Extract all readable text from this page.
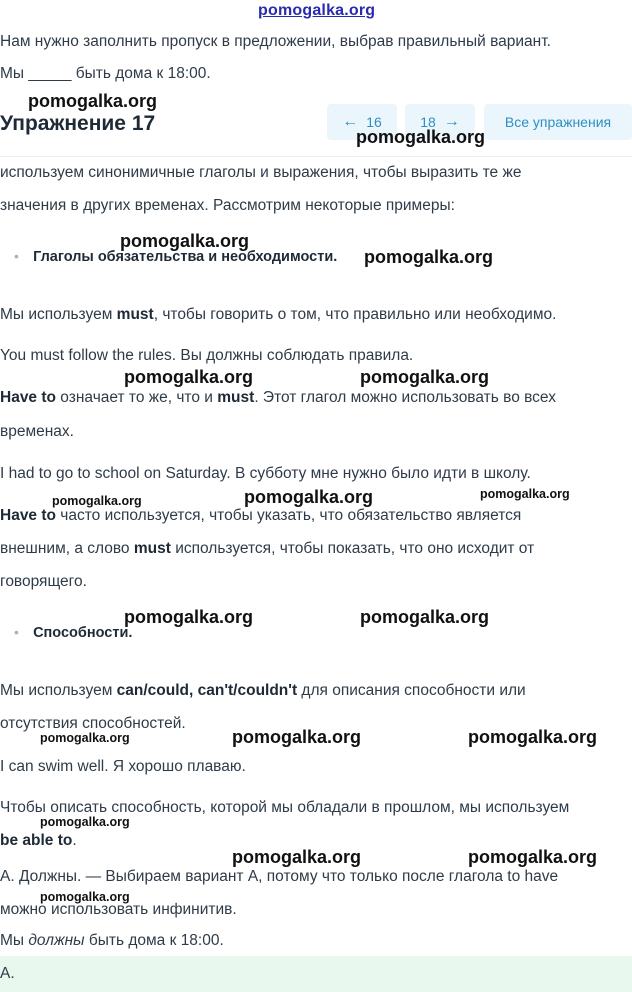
pomogalka.org
Нам нужно заполнить пропуск в предложении, выбрав правильный вариант.
Мы _____ быть дома к 18:00.
Упражнение 17	← 16	18 →	Все упражнения
используем синонимичные глаголы и выражения, чтобы выразить те же
значения в других временах. Рассмотрим некоторые примеры:
• Глаголы обязательства и необходимости.
Мы используем must, чтобы говорить о том, что правильно или необходимо.
You must follow the rules. Вы должны соблюдать правила.
Have to означает то же, что и must. Этот глагол можно использовать во всех
временах.
I had to go to school on Saturday. В субботу мне нужно было идти в школу.
Have to часто используется, чтобы указать, что обязательство является
внешним, а слово must используется, чтобы показать, что оно исходит от
говорящего.
• Способности.
Мы используем can/could, can't/couldn't для описания способности или
отсутствия способностей.
I can swim well. Я хорошо плаваю.
Чтобы описать способность, которой мы обладали в прошлом, мы используем
be able to.
A. Должны. — Выбираем вариант A, потому что только после глагола to have
можно использовать инфинитив.
Мы должны быть дома к 18:00.
A.
pomogalka.org
pomogalka.org
pomogalka.org
pomogalka.org
pomogalka.org	pomogalka.org
pomogalka.org	pomogalka.org	pomogalka.org
pomogalka.org	pomogalka.org
pomogalka.org	pomogalka.org	pomogalka.org
pomogalka.org
pomogalka.org	pomogalka.org
pomogalka.org
